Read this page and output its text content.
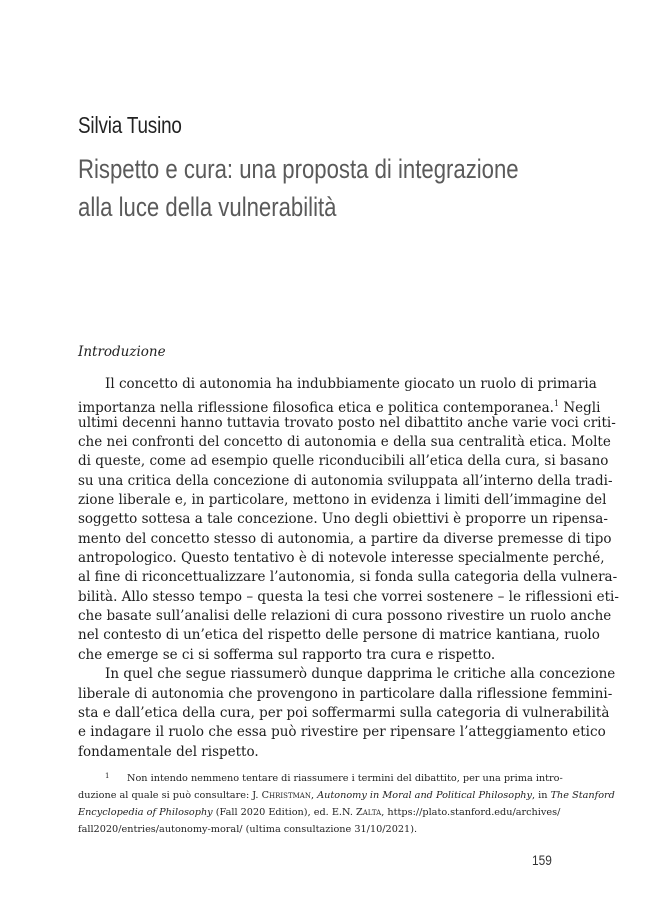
Silvia Tusino
Rispetto e cura: una proposta di integrazione
alla luce della vulnerabilità
Introduzione
Il concetto di autonomia ha indubbiamente giocato un ruolo di primaria
importanza nella riflessione filosofica etica e politica contemporanea.$^1$ Negli
ultimi decenni hanno tuttavia trovato posto nel dibattito anche varie voci criti-
che nei confronti del concetto di autonomia e della sua centralità etica. Molte
di queste, come ad esempio quelle riconducibili all’etica della cura, si basano
su una critica della concezione di autonomia sviluppata all’interno della tradi-
zione liberale e, in particolare, mettono in evidenza i limiti dell’immagine del
soggetto sottesa a tale concezione. Uno degli obiettivi è proporre un ripensa-
mento del concetto stesso di autonomia, a partire da diverse premesse di tipo
antropologico. Questo tentativo è di notevole interesse specialmente perché,
al fine di riconcettualizzare l’autonomia, si fonda sulla categoria della vulnera-
bilità. Allo stesso tempo – questa la tesi che vorrei sostenere – le riflessioni eti-
che basate sull’analisi delle relazioni di cura possono rivestire un ruolo anche
nel contesto di un’etica del rispetto delle persone di matrice kantiana, ruolo
che emerge se ci si sofferma sul rapporto tra cura e rispetto.
In quel che segue riassumerò dunque dapprima le critiche alla concezione
liberale di autonomia che provengono in particolare dalla riflessione femmini-
sta e dall’etica della cura, per poi soffermarmi sulla categoria di vulnerabilità
e indagare il ruolo che essa può rivestire per ripensare l’atteggiamento etico
fondamentale del rispetto.
1 Non intendo nemmeno tentare di riassumere i termini del dibattito, per una prima intro-
duzione al quale si può consultare: J. Christman, Autonomy in Moral and Political Philosophy, in The Stanford
Encyclopedia of Philosophy (Fall 2020 Edition), ed. E.N. Zalta, https://plato.stanford.edu/archives/
fall2020/entries/autonomy-moral/ (ultima consultazione 31/10/2021).
159
